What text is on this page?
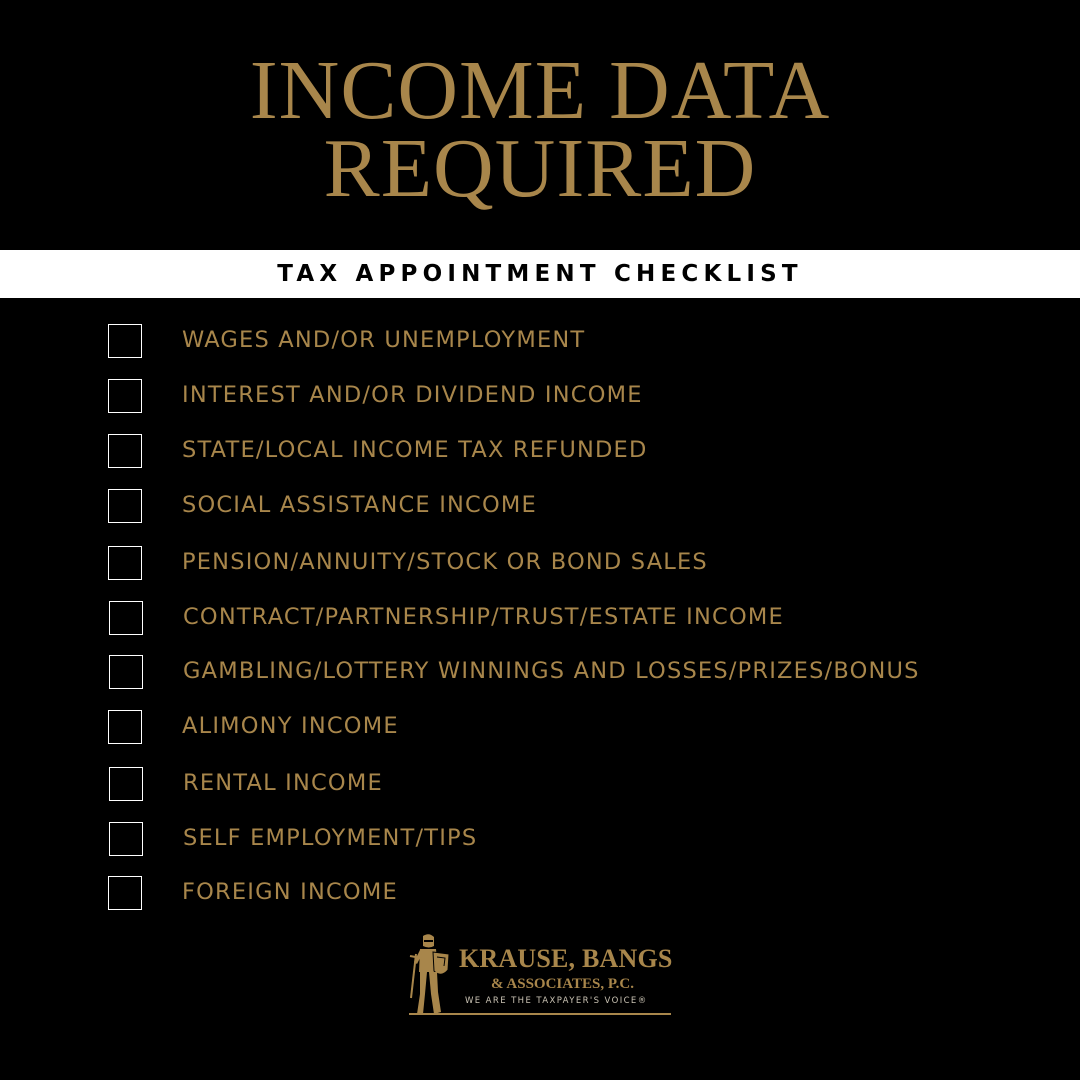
INCOME DATA
REQUIRED
TAX APPOINTMENT CHECKLIST
WAGES AND/OR UNEMPLOYMENT
INTEREST AND/OR DIVIDEND INCOME
STATE/LOCAL INCOME TAX REFUNDED
SOCIAL ASSISTANCE INCOME
PENSION/ANNUITY/STOCK OR BOND SALES
CONTRACT/PARTNERSHIP/TRUST/ESTATE INCOME
GAMBLING/LOTTERY WINNINGS AND LOSSES/PRIZES/BONUS
ALIMONY INCOME
RENTAL INCOME
SELF EMPLOYMENT/TIPS
FOREIGN INCOME
KRAUSE, BANGS
& ASSOCIATES, P.C.
WE ARE THE TAXPAYER'S VOICE®
